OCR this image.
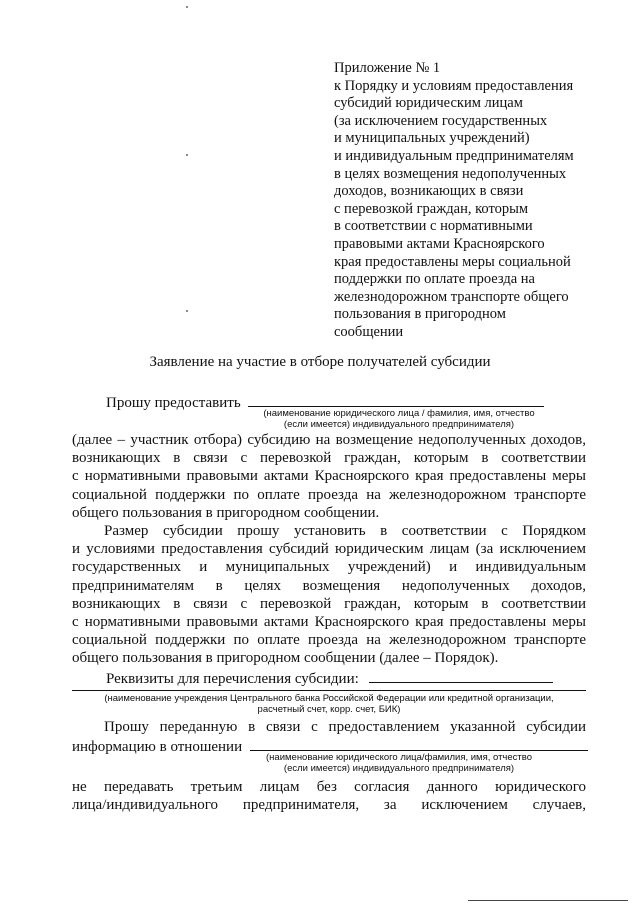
Приложение № 1
к Порядку и условиям предоставления
субсидий юридическим лицам
(за исключением государственных
и муниципальных учреждений)
и индивидуальным предпринимателям
в целях возмещения недополученных
доходов, возникающих в связи
с перевозкой граждан, которым
в соответствии с нормативными
правовыми актами Красноярского
края предоставлены меры социальной
поддержки по оплате проезда на
железнодорожном транспорте общего
пользования в пригородном
сообщении
Заявление на участие в отборе получателей субсидии
Прошу предоставить
(наименование юридического лица / фамилия, имя, отчество
(если имеется) индивидуального предпринимателя)
(далее – участник отбора) субсидию на возмещение недополученных доходов,
возникающих в связи с перевозкой граждан, которым в соответствии
с нормативными правовыми актами Красноярского края предоставлены меры
социальной поддержки по оплате проезда на железнодорожном транспорте
общего пользования в пригородном сообщении.
Размер субсидии прошу установить в соответствии с Порядком
и условиями предоставления субсидий юридическим лицам (за исключением
государственных и муниципальных учреждений) и индивидуальным
предпринимателям в целях возмещения недополученных доходов,
возникающих в связи с перевозкой граждан, которым в соответствии
с нормативными правовыми актами Красноярского края предоставлены меры
социальной поддержки по оплате проезда на железнодорожном транспорте
общего пользования в пригородном сообщении (далее – Порядок).
Реквизиты для перечисления субсидии:
(наименование учреждения Центрального банка Российской Федерации или кредитной организации,
расчетный счет, корр. счет, БИК)
Прошу переданную в связи с предоставлением указанной субсидии
информацию в отношении
(наименование юридического лица/фамилия, имя, отчество
(если имеется) индивидуального предпринимателя)
не передавать третьим лицам без согласия данного юридического
лица/индивидуального предпринимателя, за исключением случаев,
